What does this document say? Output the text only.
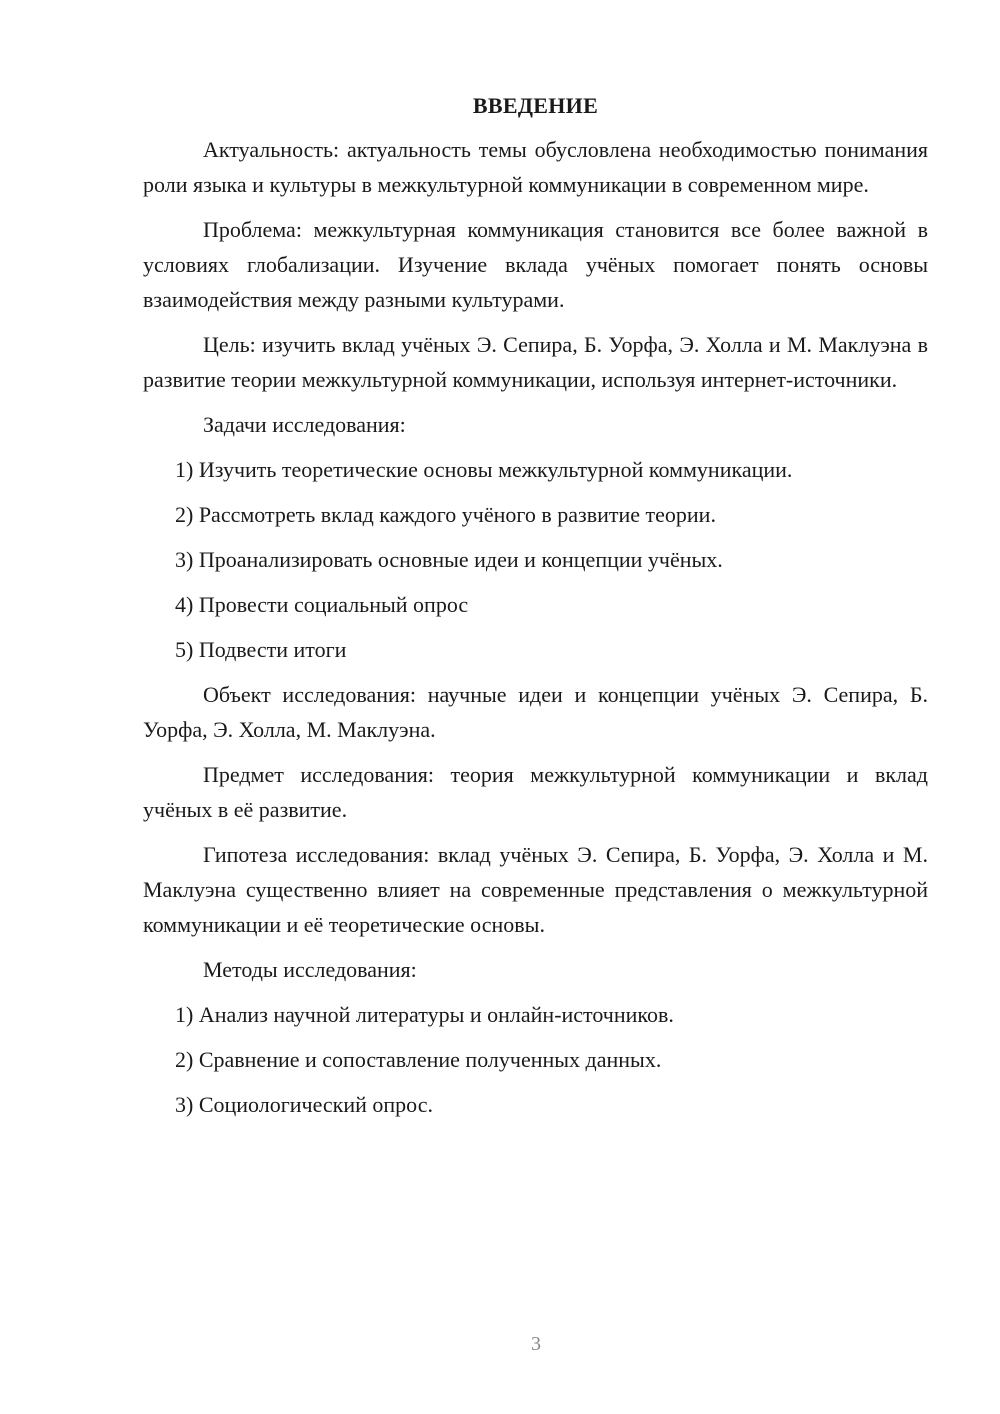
ВВЕДЕНИЕ

Актуальность: актуальность темы обусловлена необходимостью понимания роли языка и культуры в межкультурной коммуникации в современном мире.

Проблема: межкультурная коммуникация становится все более важной в условиях глобализации. Изучение вклада учёных помогает понять основы взаимодействия между разными культурами.

Цель: изучить вклад учёных Э. Сепира, Б. Уорфа, Э. Холла и М. Маклуэна в развитие теории межкультурной коммуникации, используя интернет-источники.

Задачи исследования:

1) Изучить теоретические основы межкультурной коммуникации.

2) Рассмотреть вклад каждого учёного в развитие теории.

3) Проанализировать основные идеи и концепции учёных.

4) Провести социальный опрос

5) Подвести итоги

Объект исследования: научные идеи и концепции учёных Э. Сепира, Б. Уорфа, Э. Холла, М. Маклуэна.

Предмет исследования: теория межкультурной коммуникации и вклад учёных в её развитие.

Гипотеза исследования: вклад учёных Э. Сепира, Б. Уорфа, Э. Холла и М. Маклуэна существенно влияет на современные представления о межкультурной коммуникации и её теоретические основы.

Методы исследования:

1) Анализ научной литературы и онлайн-источников.

2) Сравнение и сопоставление полученных данных.

3) Социологический опрос.

3
